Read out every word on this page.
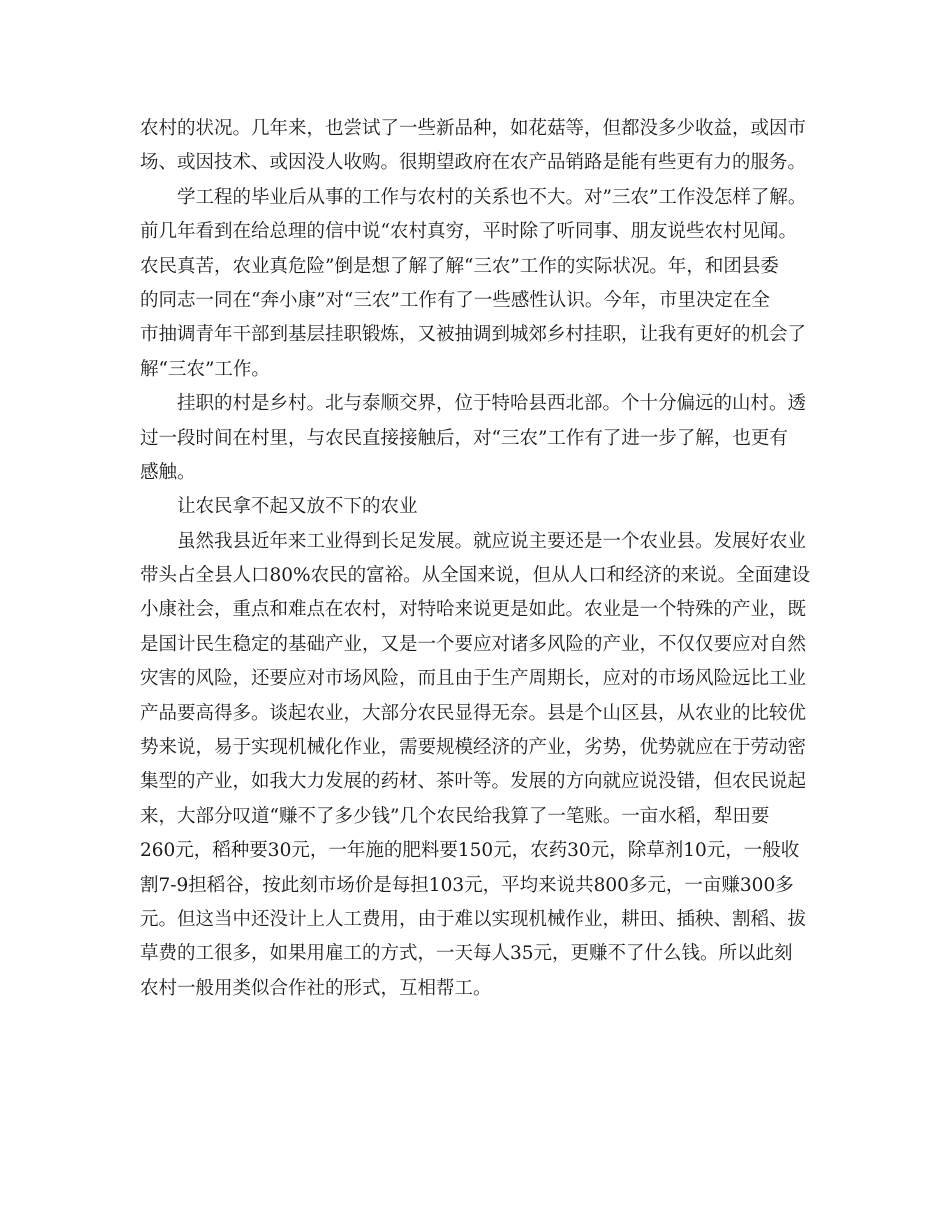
农村的状况。几年来，也尝试了一些新品种，如花菇等，但都没多少收益，或因市
场、或因技术、或因没人收购。很期望政府在农产品销路是能有些更有力的服务。
学工程的毕业后从事的工作与农村的关系也不大。对”三农”工作没怎样了解。
前几年看到在给总理的信中说“农村真穷，平时除了听同事、朋友说些农村见闻。
农民真苦，农业真危险”倒是想了解了解“三农”工作的实际状况。年，和团县委
的同志一同在“奔小康”对“三农”工作有了一些感性认识。今年，市里决定在全
市抽调青年干部到基层挂职锻炼，又被抽调到城郊乡村挂职，让我有更好的机会了
解“三农”工作。
挂职的村是乡村。北与泰顺交界，位于特哈县西北部。个十分偏远的山村。透
过一段时间在村里，与农民直接接触后，对“三农”工作有了进一步了解，也更有
感触。
让农民拿不起又放不下的农业
虽然我县近年来工业得到长足发展。就应说主要还是一个农业县。发展好农业
带头占全县人口80%农民的富裕。从全国来说，但从人口和经济的来说。全面建设
小康社会，重点和难点在农村，对特哈来说更是如此。农业是一个特殊的产业，既
是国计民生稳定的基础产业，又是一个要应对诸多风险的产业，不仅仅要应对自然
灾害的风险，还要应对市场风险，而且由于生产周期长，应对的市场风险远比工业
产品要高得多。谈起农业，大部分农民显得无奈。县是个山区县，从农业的比较优
势来说，易于实现机械化作业，需要规模经济的产业，劣势，优势就应在于劳动密
集型的产业，如我大力发展的药材、茶叶等。发展的方向就应说没错，但农民说起
来，大部分叹道“赚不了多少钱”几个农民给我算了一笔账。一亩水稻，犁田要
260元，稻种要30元，一年施的肥料要150元，农药30元，除草剂10元，一般收
割7-9担稻谷，按此刻市场价是每担103元，平均来说共800多元，一亩赚300多
元。但这当中还没计上人工费用，由于难以实现机械作业，耕田、插秧、割稻、拔
草费的工很多，如果用雇工的方式，一天每人35元，更赚不了什么钱。所以此刻
农村一般用类似合作社的形式，互相帮工。
